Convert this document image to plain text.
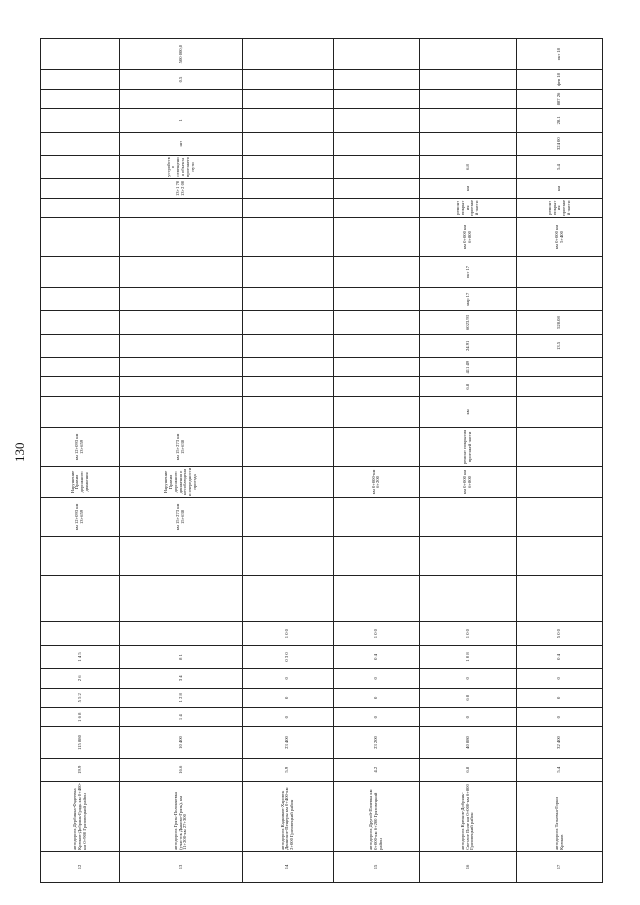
130
12	автодорога Дербинка-Фадеевка Крюков-Добрянь-Грядь км 0+400-км 0+900 Грязовецкий район	19.9	115 880	1 6 8	5 5 2	2 6	1 4 5				км 12+093 км 13+659	Нарушение Правил дорожного движения	км 12+093 км 13+659																
13	автодорога Грязь-Полоняевка (участок Дыково-Грязь), км 11+200-км 27+300	16.6	10 400	1 4	1 2 8	3 4	8 1				км 15+273 км 15+638	Нарушение Правил дорожного движения о несоблюдении очередности проезда	км 15+273 км 15+638										13+1 70 13+2 00	устройство освещения объекта проезжего пути	шт	1		0.5	500 000,0
14	автодорога Кадников-Харовск Двинское-Пещеры км 0+400-км 2+000 Грязовецкий район	5.9	23 400	0	0	0	0 3 0	1 0 0																					
15	автодорога Другой-Пачевка км 0+000-км 6+200 Грязовецкий район	4.2	23 200	0	0	0	0 4	1 0 0				км 0+000-км 6+200																	
16	автодорога Крюков-Добрянь-Светлое Поле км 0+000-км 6+800 Грязовецкий район	6.8	40 880	0	6 8	0	1 0 8	1 0 0				км 0+000 км 6+800	ремонт покрытия проезжей части	км	6.8	411 49	24.91	6023.93	мар 17	окт 17	км 0+000 км 6+800	ремонт покрытия проезжей части	км	6.8					
17	автодорога Татьевка-Горки Крюков	5.4	32 400	0	0	0	0 4	5 0 0									13.5	528.08			км 0+000 км 5+400	ремонт покрытия проезжей части	км	5.4	324 00	28.1	887 26	фев 18	окт 18
